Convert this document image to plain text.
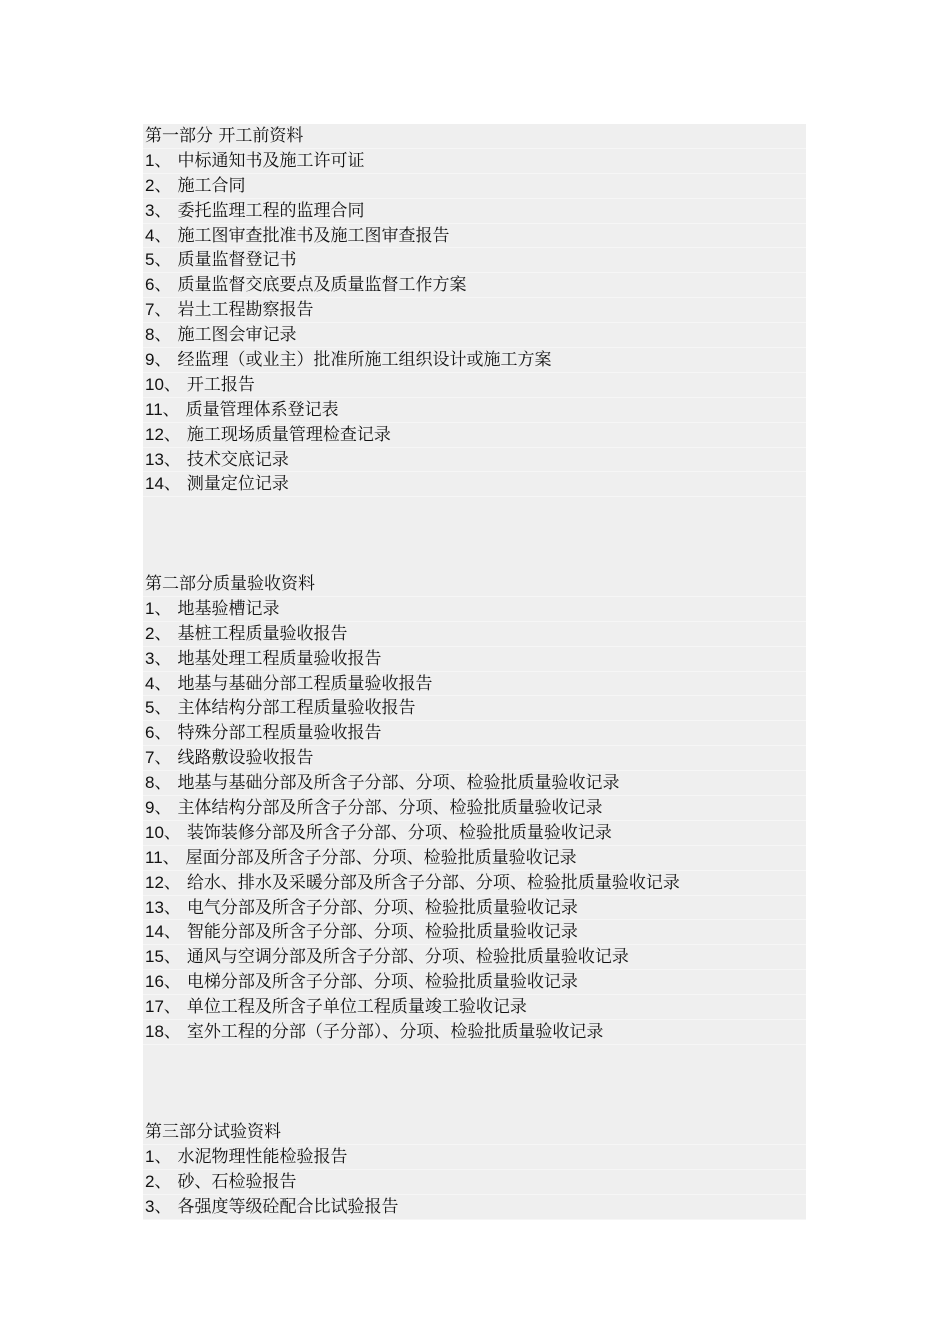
第一部分 开工前资料
1、 中标通知书及施工许可证
2、 施工合同
3、 委托监理工程的监理合同
4、 施工图审查批准书及施工图审查报告
5、 质量监督登记书
6、 质量监督交底要点及质量监督工作方案
7、 岩土工程勘察报告
8、 施工图会审记录
9、 经监理（或业主）批准所施工组织设计或施工方案
10、 开工报告
11、 质量管理体系登记表
12、 施工现场质量管理检查记录
13、 技术交底记录
14、 测量定位记录
第二部分质量验收资料
1、 地基验槽记录
2、 基桩工程质量验收报告
3、 地基处理工程质量验收报告
4、 地基与基础分部工程质量验收报告
5、 主体结构分部工程质量验收报告
6、 特殊分部工程质量验收报告
7、 线路敷设验收报告
8、 地基与基础分部及所含子分部、分项、检验批质量验收记录
9、 主体结构分部及所含子分部、分项、检验批质量验收记录
10、 装饰装修分部及所含子分部、分项、检验批质量验收记录
11、 屋面分部及所含子分部、分项、检验批质量验收记录
12、 给水、排水及采暖分部及所含子分部、分项、检验批质量验收记录
13、 电气分部及所含子分部、分项、检验批质量验收记录
14、 智能分部及所含子分部、分项、检验批质量验收记录
15、 通风与空调分部及所含子分部、分项、检验批质量验收记录
16、 电梯分部及所含子分部、分项、检验批质量验收记录
17、 单位工程及所含子单位工程质量竣工验收记录
18、 室外工程的分部（子分部）、分项、检验批质量验收记录
第三部分试验资料
1、 水泥物理性能检验报告
2、 砂、石检验报告
3、 各强度等级砼配合比试验报告
